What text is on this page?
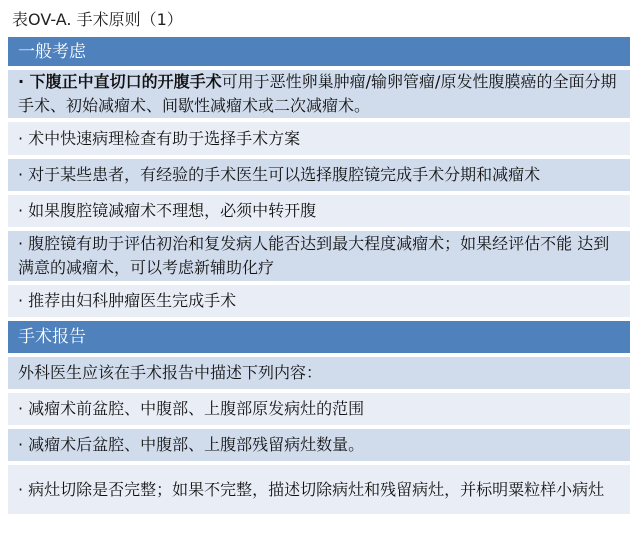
表OV-A. 手术原则（1）
一般考虑
· 下腹正中直切口的开腹手术可用于恶性卵巢肿瘤/输卵管瘤/原发性腹膜癌的全面分期手术、初始减瘤术、间歇性减瘤术或二次减瘤术。
· 术中快速病理检查有助于选择手术方案
· 对于某些患者，有经验的手术医生可以选择腹腔镜完成手术分期和减瘤术
· 如果腹腔镜减瘤术不理想，必须中转开腹
· 腹腔镜有助于评估初治和复发病人能否达到最大程度减瘤术；如果经评估不能 达到满意的减瘤术，可以考虑新辅助化疗
· 推荐由妇科肿瘤医生完成手术
手术报告
外科医生应该在手术报告中描述下列内容：
· 减瘤术前盆腔、中腹部、上腹部原发病灶的范围
· 减瘤术后盆腔、中腹部、上腹部残留病灶数量。
· 病灶切除是否完整；如果不完整，描述切除病灶和残留病灶，并标明粟粒样小病灶
丁香园
